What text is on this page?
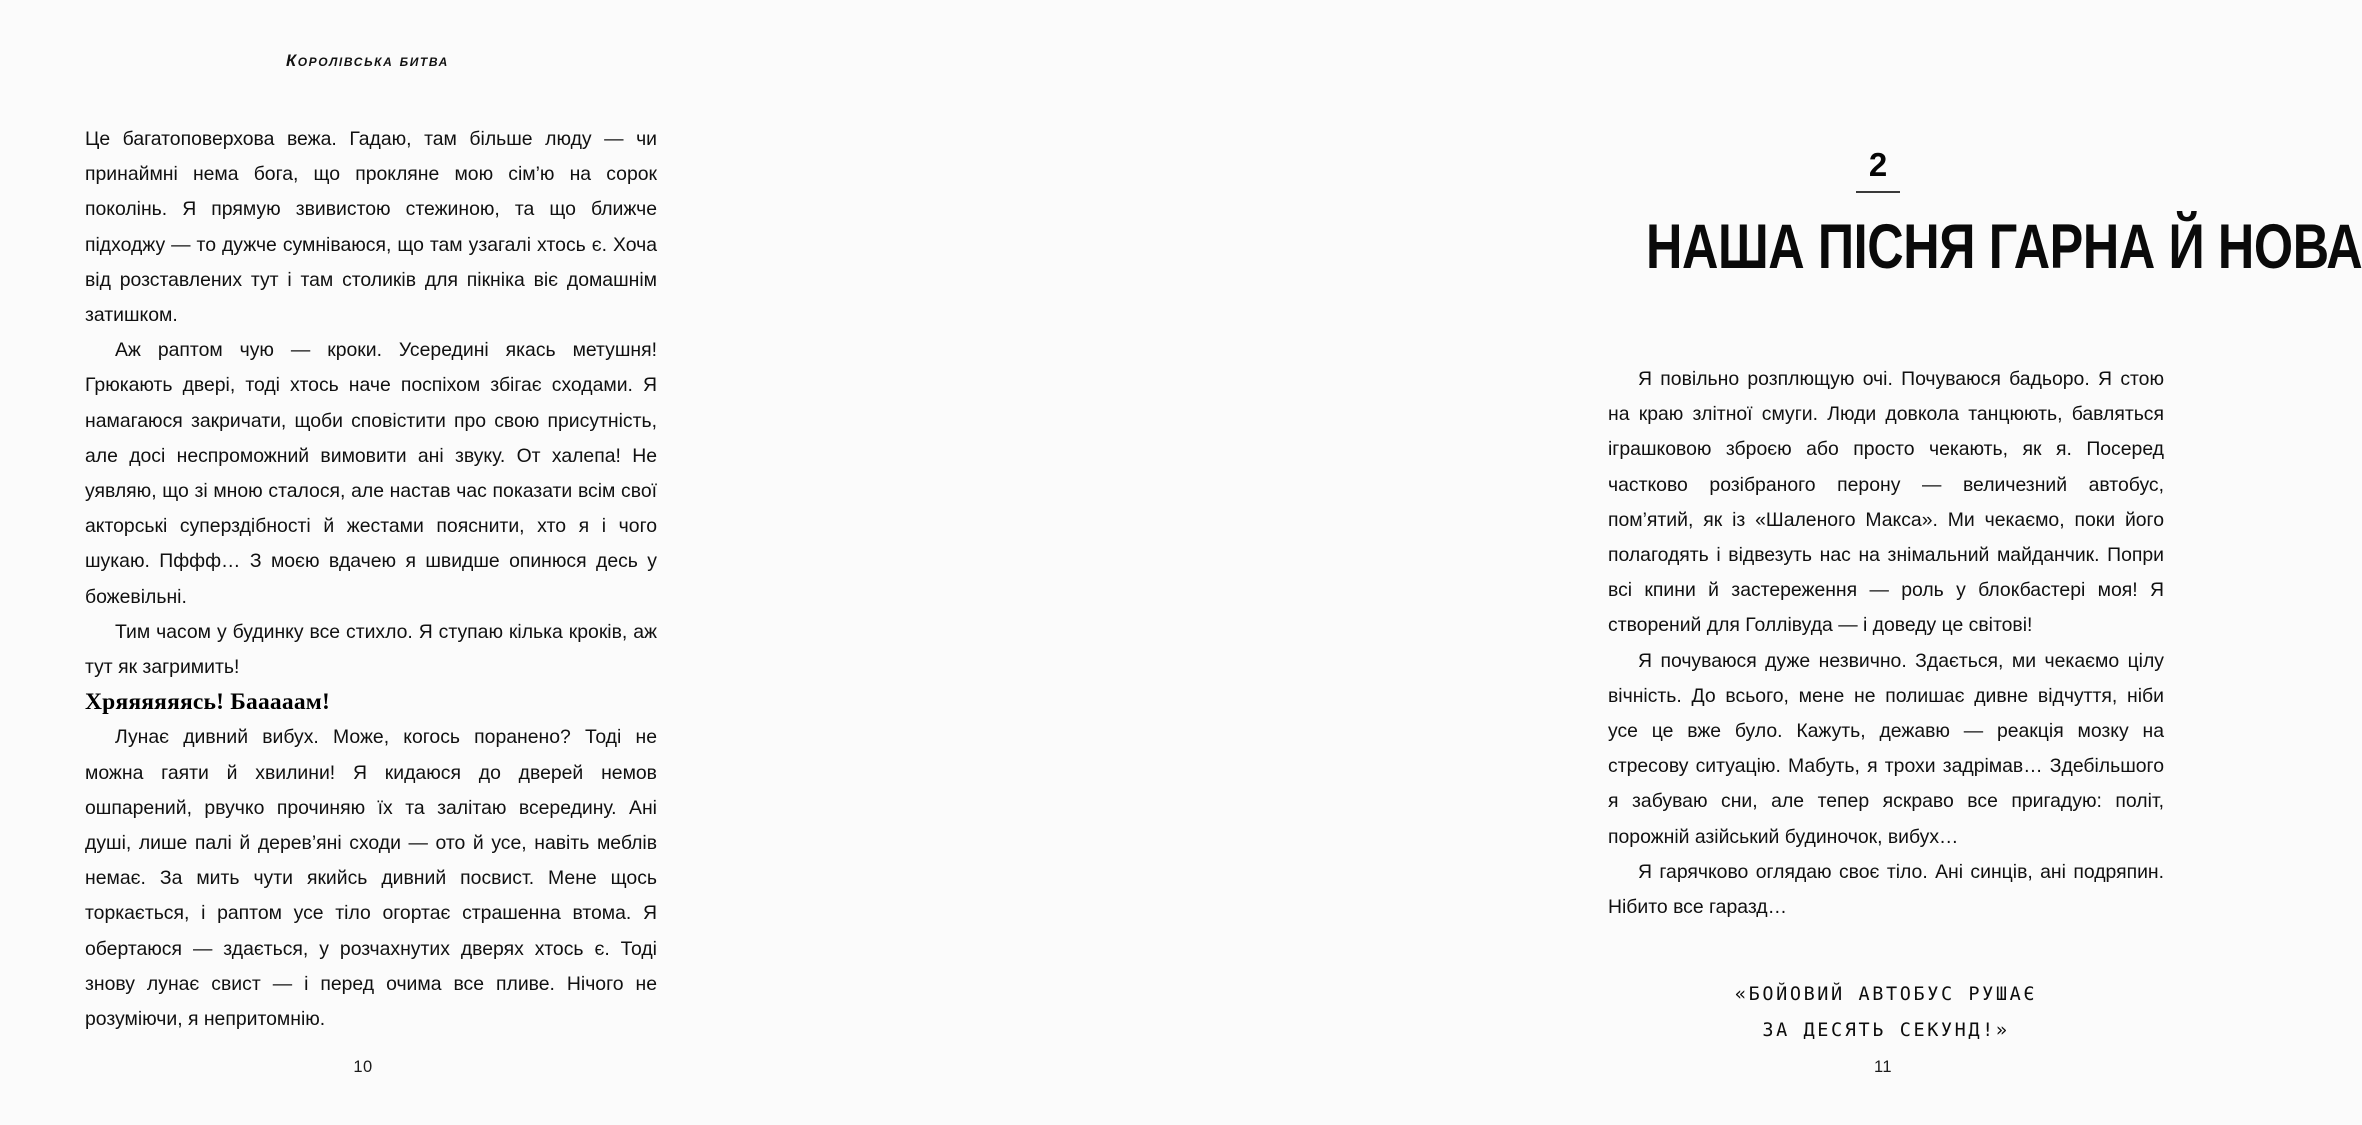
Королівська битва

Це багатоповерхова вежа. Гадаю, там більше люду — чи принаймні нема бога, що прокляне мою сім’ю на сорок поколінь. Я прямую звивистою стежиною, та що ближче підходжу — то дужче сумніваюся, що там узагалі хтось є. Хоча від розставлених тут і там столиків для пікніка віє домашнім затишком.

Аж раптом чую — кроки. Усередині якась метушня! Грюкають двері, тоді хтось наче поспіхом збігає сходами. Я намагаюся закричати, щоби сповістити про свою присутність, але досі неспроможний вимовити ані звуку. От халепа! Не уявляю, що зі мною сталося, але настав час показати всім свої акторські суперздібності й жестами пояснити, хто я і чого шукаю. Пффф… З моєю вдачею я швидше опинюся десь у божевільні.

Тим часом у будинку все стихло. Я ступаю кілька кроків, аж тут як загримить!

Хряяяяяясь! Бааааам!

Лунає дивний вибух. Може, когось поранено? Тоді не можна гаяти й хвилини! Я кидаюся до дверей немов ошпарений, рвучко прочиняю їх та залітаю всередину. Ані душі, лише палі й дерев’яні сходи — ото й усе, навіть меблів немає. За мить чути якийсь дивний посвист. Мене щось торкається, і раптом усе тіло огортає страшенна втома. Я обертаюся — здається, у розчахнутих дверях хтось є. Тоді знову лунає свист — і перед очима все пливе. Нічого не розуміючи, я непритомнію.

10
2
НАША ПІСНЯ ГАРНА Й НОВА

Я повільно розплющую очі. Почуваюся бадьоро. Я стою на краю злітної смуги. Люди довкола танцюють, бавляться іграшковою зброєю або просто чекають, як я. Посеред частково розібраного перону — величезний автобус, пом’ятий, як із «Шаленого Макса». Ми чекаємо, поки його полагодять і відвезуть нас на знімальний майданчик. Попри всі кпини й застереження — роль у блокбастері моя! Я створений для Голлівуда — і доведу це світові!

Я почуваюся дуже незвично. Здається, ми чекаємо цілу вічність. До всього, мене не полишає дивне відчуття, ніби усе це вже було. Кажуть, дежавю — реакція мозку на стресову ситуацію. Мабуть, я трохи задрімав… Здебільшого я забуваю сни, але тепер яскраво все пригадую: політ, порожній азійський будиночок, вибух…

Я гарячково оглядаю своє тіло. Ані синців, ані подряпин. Нібито все гаразд…

«БОЙОВИЙ АВТОБУС РУШАЄ
ЗА ДЕСЯТЬ СЕКУНД!»
11
